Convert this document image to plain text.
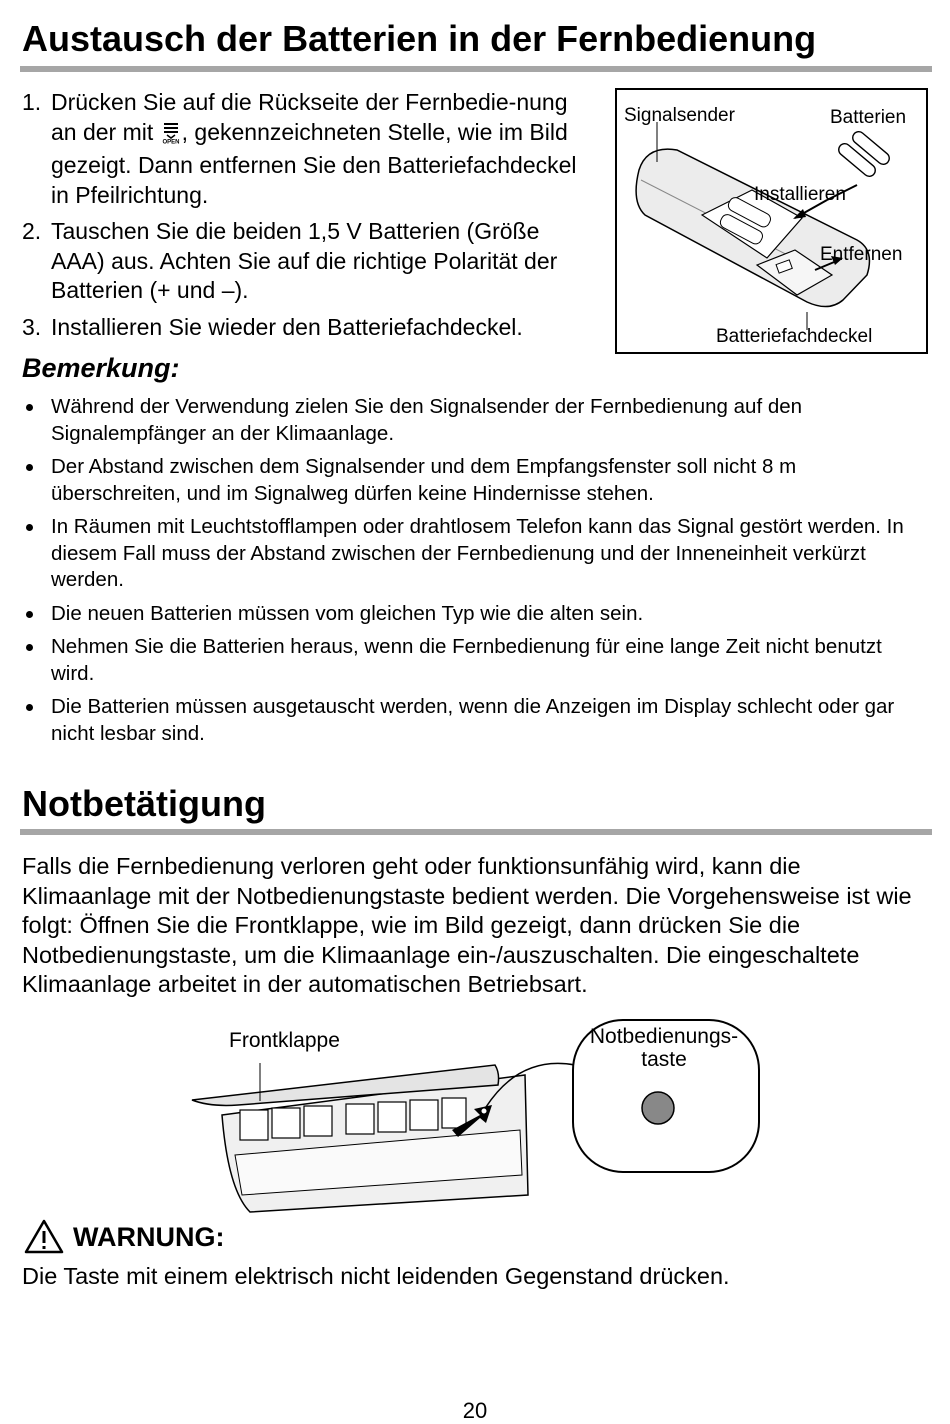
Austausch der Batterien in der Fernbedienung
1. Drücken Sie auf die Rückseite der Fernbedie-nung an der mit OPEN , gekennzeichneten Stelle, wie im Bild gezeigt. Dann entfernen Sie den Batteriefachdeckel in Pfeilrichtung.
2. Tauschen Sie die beiden 1,5 V Batterien (Größe AAA) aus. Achten Sie auf die richtige Polarität der Batterien (+ und –).
3. Installieren Sie wieder den Batteriefachdeckel.
Signalsender	Batterien
Installieren
Entfernen
Batteriefachdeckel
Bemerkung:
Während der Verwendung zielen Sie den Signalsender der Fernbedienung auf den Signalempfänger an der Klimaanlage.
Der Abstand zwischen dem Signalsender und dem Empfangsfenster soll nicht 8 m überschreiten, und im Signalweg dürfen keine Hindernisse stehen.
In Räumen mit Leuchtstofflampen oder drahtlosem Telefon kann das Signal gestört werden. In diesem Fall muss der Abstand zwischen der Fernbedienung und der Inneneinheit verkürzt werden.
Die neuen Batterien müssen vom gleichen Typ wie die alten sein.
Nehmen Sie die Batterien heraus, wenn die Fernbedienung für eine lange Zeit nicht benutzt wird.
Die Batterien müssen ausgetauscht werden, wenn die Anzeigen im Display schlecht oder gar nicht lesbar sind.
Notbetätigung

Falls die Fernbedienung verloren geht oder funktionsunfähig wird, kann die Klimaanlage mit der Notbedienungstaste bedient werden. Die Vorgehensweise ist wie folgt: Öffnen Sie die Frontklappe, wie im Bild gezeigt, dann drücken Sie die Notbedienungstaste, um die Klimaanlage ein-/auszuschalten. Die eingeschaltete Klimaanlage arbeitet in der automatischen Betriebsart.

Frontklappe	Notbedienungs-
taste
WARNUNG:
Die Taste mit einem elektrisch nicht leidenden Gegenstand drücken.
20
